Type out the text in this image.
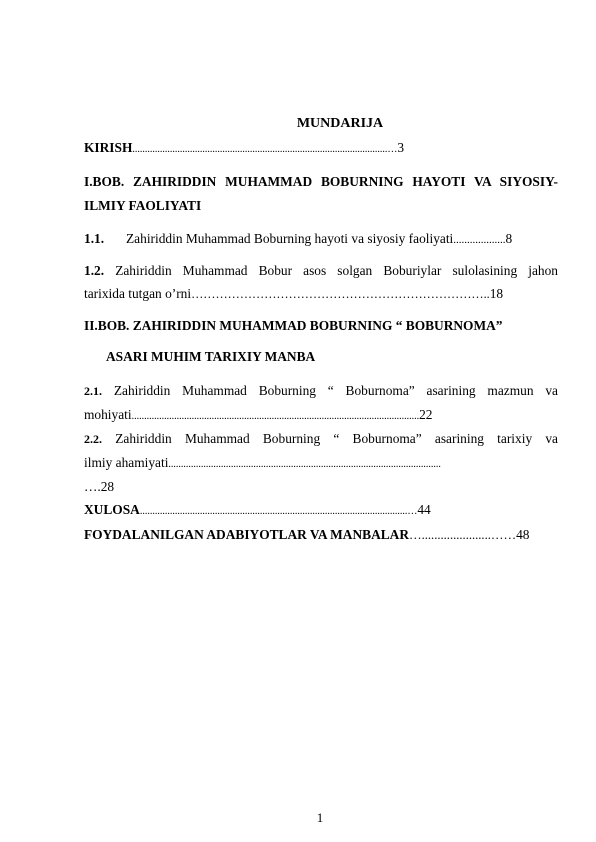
MUNDARIJA
KIRISH......................................................................................................…3
I.BOB. ZAHIRIDDIN MUHAMMAD BOBURNING HAYOTI VA SIYOSIY-
ILMIY FAOLIYATI
1.1. Zahiriddin Muhammad Boburning hayoti va siyosiy faoliyati...................8
1.2. Zahiriddin Muhammad Bobur asos solgan Boburiylar sulolasining jahon
tarixida tutgan o’rni………………………………………………………………..18
II.BOB. ZAHIRIDDIN MUHAMMAD BOBURNING “ BOBURNOMA”
ASARI MUHIM TARIXIY MANBA
2.1. Zahiriddin Muhammad Boburning “ Boburnoma” asarining mazmun va
mohiyati...................................................................................................................22
2.2. Zahiriddin Muhammad Boburning “ Boburnoma” asarining tarixiy va
ilmiy ahamiyati.............................................................................................................
….28
XULOSA...........................................................................................................…44
FOYDALANILGAN ADABIYOTLAR VA MANBALAR…......................……48
1
